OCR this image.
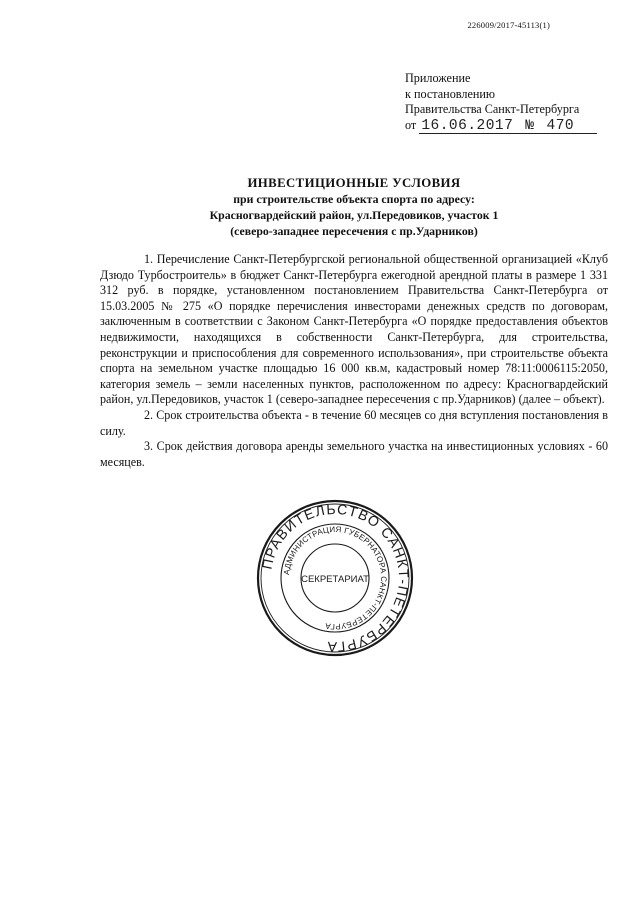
226009/2017-45113(1)
Приложение
к постановлению
Правительства Санкт-Петербурга
от 16.06.2017 № 470
ИНВЕСТИЦИОННЫЕ УСЛОВИЯ
при строительстве объекта спорта по адресу:
Красногвардейский район, ул.Передовиков, участок 1
(северо-западнее пересечения с пр.Ударников)

1. Перечисление Санкт-Петербургской региональной общественной организацией «Клуб Дзюдо Турбостроитель» в бюджет Санкт-Петербурга ежегодной арендной платы в размере 1 331 312 руб. в порядке, установленном постановлением Правительства Санкт-Петербурга от 15.03.2005 № 275 «О порядке перечисления инвесторами денежных средств по договорам, заключенным в соответствии с Законом Санкт-Петербурга «О порядке предоставления объектов недвижимости, находящихся в собственности Санкт-Петербурга, для строительства, реконструкции и приспособления для современного использования», при строительстве объекта спорта на земельном участке площадью 16 000 кв.м, кадастровый номер 78:11:0006115:2050, категория земель – земли населенных пунктов, расположенном по адресу: Красногвардейский район, ул.Передовиков, участок 1 (северо-западнее пересечения с пр.Ударников) (далее – объект).

2. Срок строительства объекта - в течение 60 месяцев со дня вступления постановления в силу.

3. Срок действия договора аренды земельного участка на инвестиционных условиях - 60 месяцев.

ПРАВИТЕЛЬСТВО САНКТ-ПЕТЕРБУРГА
АДМИНИСТРАЦИЯ ГУБЕРНАТОРА САНКТ-ПЕТЕРБУРГА
СЕКРЕТАРИАТ
